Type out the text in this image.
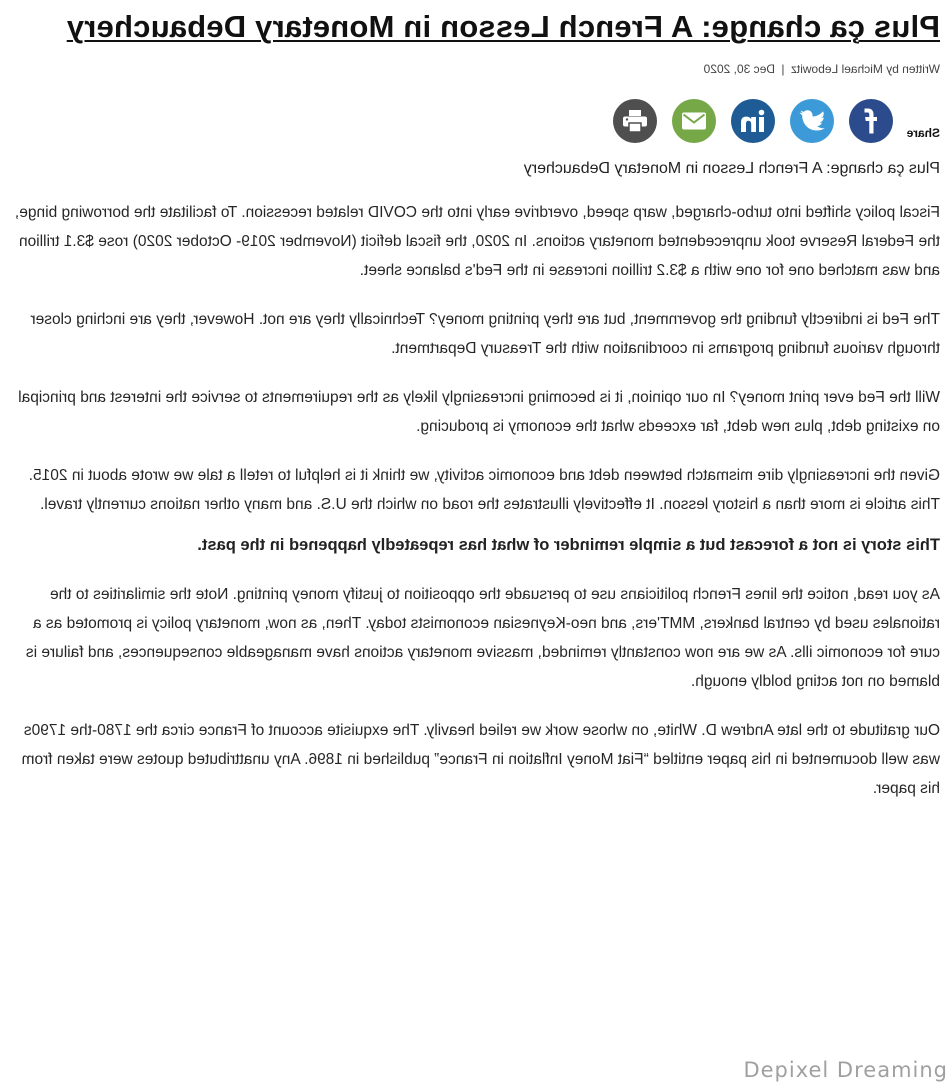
Plus ça change: A French Lesson in Monetary Debauchery
Written by Michael Lebowitz | Dec 30, 2020
Share
Plus ça change: A French Lesson in Monetary Debauchery

Fiscal policy shifted into turbo-charged, warp speed, overdrive early into the COVID related recession. To facilitate the borrowing binge, the Federal Reserve took unprecedented monetary actions. In 2020, the fiscal deficit (November 2019- October 2020) rose $3.1 trillion and was matched one for one with a $3.2 trillion increase in the Fed's balance sheet.

The Fed is indirectly funding the government, but are they printing money? Technically they are not. However, they are inching closer through various funding programs in coordination with the Treasury Department.

Will the Fed ever print money? In our opinion, it is becoming increasingly likely as the requirements to service the interest and principal on existing debt, plus new debt, far exceeds what the economy is producing.

Given the increasingly dire mismatch between debt and economic activity, we think it is helpful to retell a tale we wrote about in 2015. This article is more than a history lesson. It effectively illustrates the road on which the U.S. and many other nations currently travel.

This story is not a forecast but a simple reminder of what has repeatedly happened in the past.

As you read, notice the lines French politicians use to persuade the opposition to justify money printing. Note the similarities to the rationales used by central bankers, MMT'ers, and neo-Keynesian economists today. Then, as now, monetary policy is promoted as a cure for economic ills. As we are now constantly reminded, massive monetary actions have manageable consequences, and failure is blamed on not acting boldly enough.

Our gratitude to the late Andrew D. White, on whose work we relied heavily. The exquisite account of France circa the 1780-the 1790s was well documented in his paper entitled “Fiat Money Inflation in France” published in 1896. Any unattributed quotes were taken from his paper.

Depixel Dreaming
